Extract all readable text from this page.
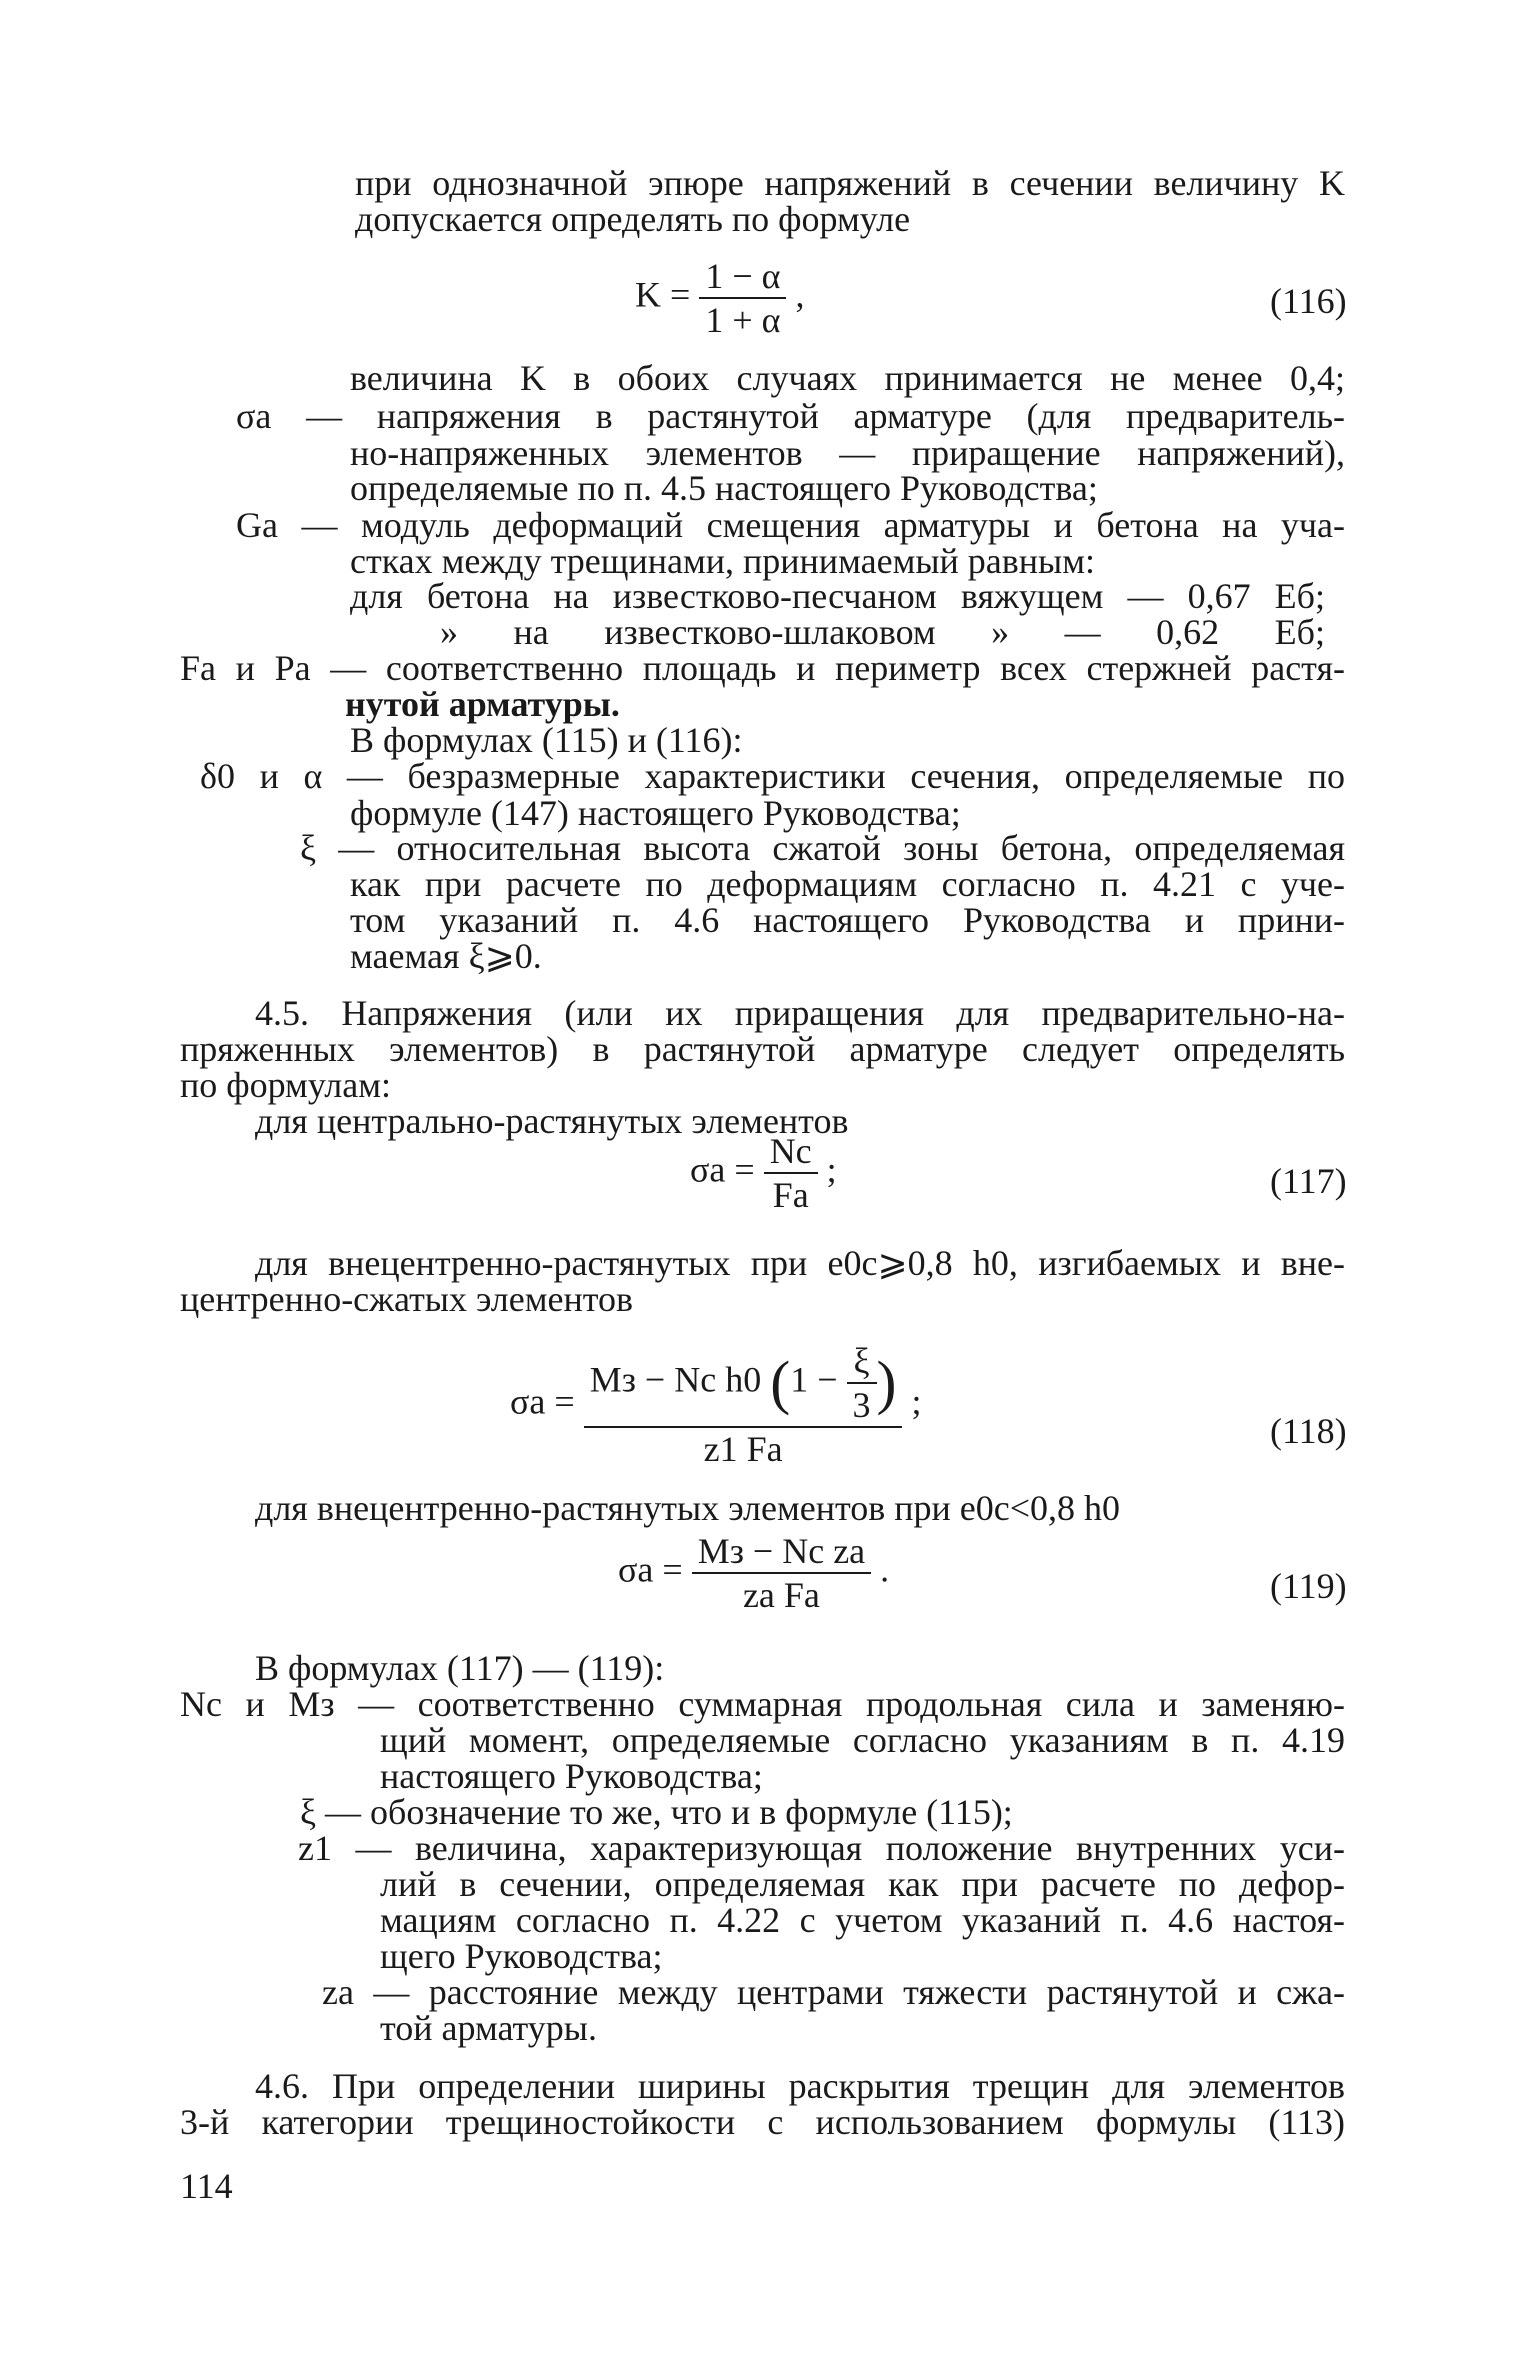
при однозначной эпюре напряжений в сечении величину K
допускается определять по формуле
$K = \frac{1 - \alpha}{1 + \alpha}$ ,	(116)
величина K в обоих случаях принимается не менее 0,4;
σа — напряжения в растянутой арматуре (для предваритель-
но-напряженных элементов — приращение напряжений),
определяемые по п. 4.5 настоящего Руководства;
Gа — модуль деформаций смещения арматуры и бетона на уча-
стках между трещинами, принимаемый равным:
для бетона на известково-песчаном вяжущем — 0,67 Eб;
» на известково-шлаковом » — 0,62 Eб;
Fа и Pа — соответственно площадь и периметр всех стержней растя-
нутой арматуры.
В формулах (115) и (116):
δ0 и α — безразмерные характеристики сечения, определяемые по
формуле (147) настоящего Руководства;
ξ — относительная высота сжатой зоны бетона, определяемая
как при расчете по деформациям согласно п. 4.21 с уче-
том указаний п. 4.6 настоящего Руководства и прини-
маемая ξ⩾0.
4.5. Напряжения (или их приращения для предварительно-на-
пряженных элементов) в растянутой арматуре следует определять
по формулам:
для центрально-растянутых элементов
$\sigma а = \frac{Nс}{Fа}$ ;	(117)
для внецентренно-растянутых при e0с⩾0,8 h0, изгибаемых и вне-
центренно-сжатых элементов
σа =
Mз − Nс h0 ($1 - \frac{\xi}{3}$ )
z1 Fа
;
(118)
для внецентренно-растянутых элементов при e0с<0,8 h0
$\sigma а = \frac{\text{Mз − Nс zа}}{\text{zа Fа}}$ .	(119)
В формулах (117) — (119):
Nс и Mз — соответственно суммарная продольная сила и заменяю-
щий момент, определяемые согласно указаниям в п. 4.19
настоящего Руководства;
ξ — обозначение то же, что и в формуле (115);
z1 — величина, характеризующая положение внутренних уси-
лий в сечении, определяемая как при расчете по дефор-
мациям согласно п. 4.22 с учетом указаний п. 4.6 настоя-
щего Руководства;
zа — расстояние между центрами тяжести растянутой и сжа-
той арматуры.
4.6. При определении ширины раскрытия трещин для элементов
3-й категории трещиностойкости с использованием формулы (113)
114
